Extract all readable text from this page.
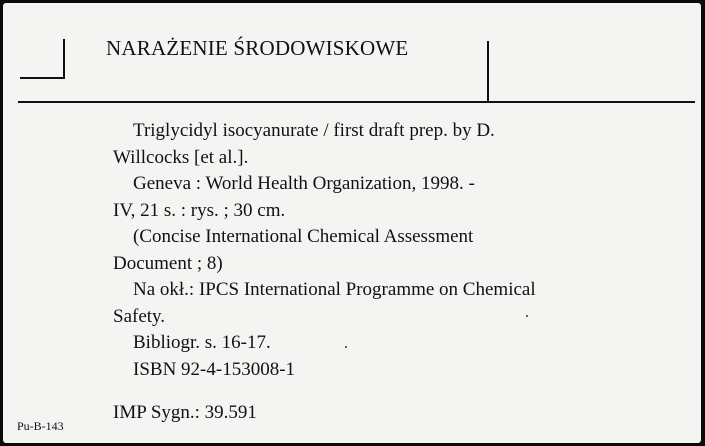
NARAŻENIE ŚRODOWISKOWE
Triglycidyl isocyanurate / first draft prep. by D.
Willcocks [et al.].
Geneva : World Health Organization, 1998. -
IV, 21 s. : rys. ; 30 cm.
(Concise International Chemical Assessment
Document ; 8)
Na okł.: IPCS International Programme on Chemical
Safety.
Bibliogr. s. 16-17.
ISBN 92-4-153008-1
IMP Sygn.: 39.591
Pu-B-143
